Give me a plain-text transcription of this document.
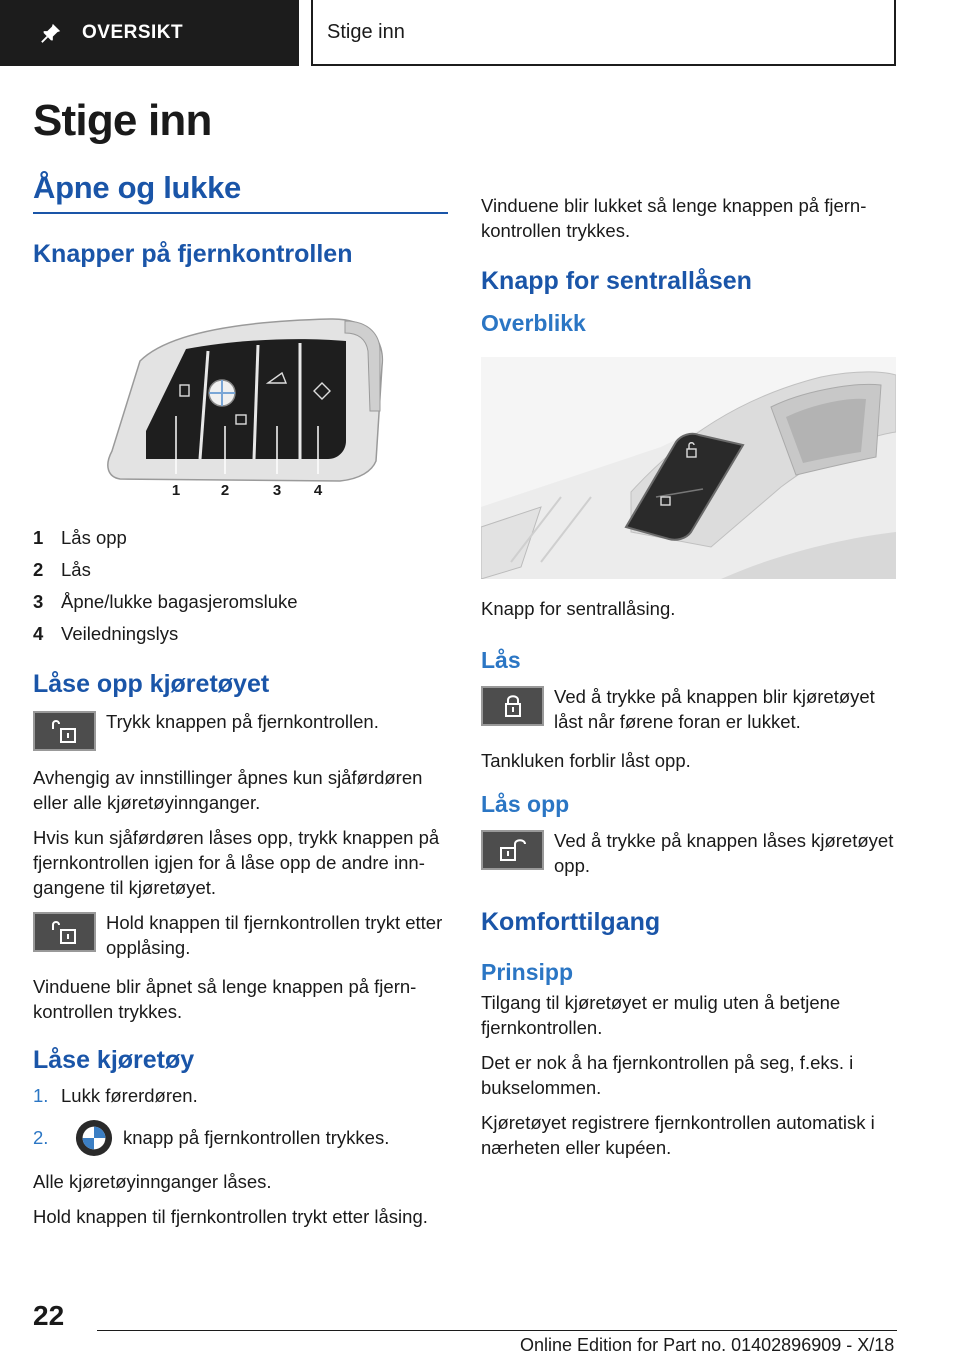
OVERSIKT	Stige inn
Stige inn
Åpne og lukke
Knapper på fjernkontrollen
1	2	3 4
1 Lås opp
2 Lås
3 Åpne/lukke bagasjeromsluke
4 Veiledningslys
Låse opp kjøretøyet

Trykk knappen på fjernkontrollen.

Avhengig av innstillinger åpnes kun sjåførdøren eller alle kjøretøyinnganger.

Hvis kun sjåførdøren låses opp, trykk knappen på fjernkontrollen igjen for å låse opp de andre inngangene til kjøretøyet.

Hold knappen til fjernkontrollen trykt etter opplåsing.

Vinduene blir åpnet så lenge knappen på fjernkontrollen trykkes.

Låse kjøretøy
1. Lukk førerdøren.
2.	knapp på fjernkontrollen trykkes.

Alle kjøretøyinnganger låses.

Hold knappen til fjernkontrollen trykt etter låsing.

Vinduene blir lukket så lenge knappen på fjernkontrollen trykkes.

Knapp for sentrallåsen
Overblikk

Knapp for sentrallåsing.

Lås

Ved å trykke på knappen blir kjøretøyet låst når førene foran er lukket.

Tankluken forblir låst opp.

Lås opp

Ved å trykke på knappen låses kjøretøyet opp.

Komforttilgang
Prinsipp

Tilgang til kjøretøyet er mulig uten å betjene fjernkontrollen.

Det er nok å ha fjernkontrollen på seg, f.eks. i bukselommen.

Kjøretøyet registrere fjernkontrollen automatisk i nærheten eller kupéen.

22
Online Edition for Part no. 01402896909 - X/18
